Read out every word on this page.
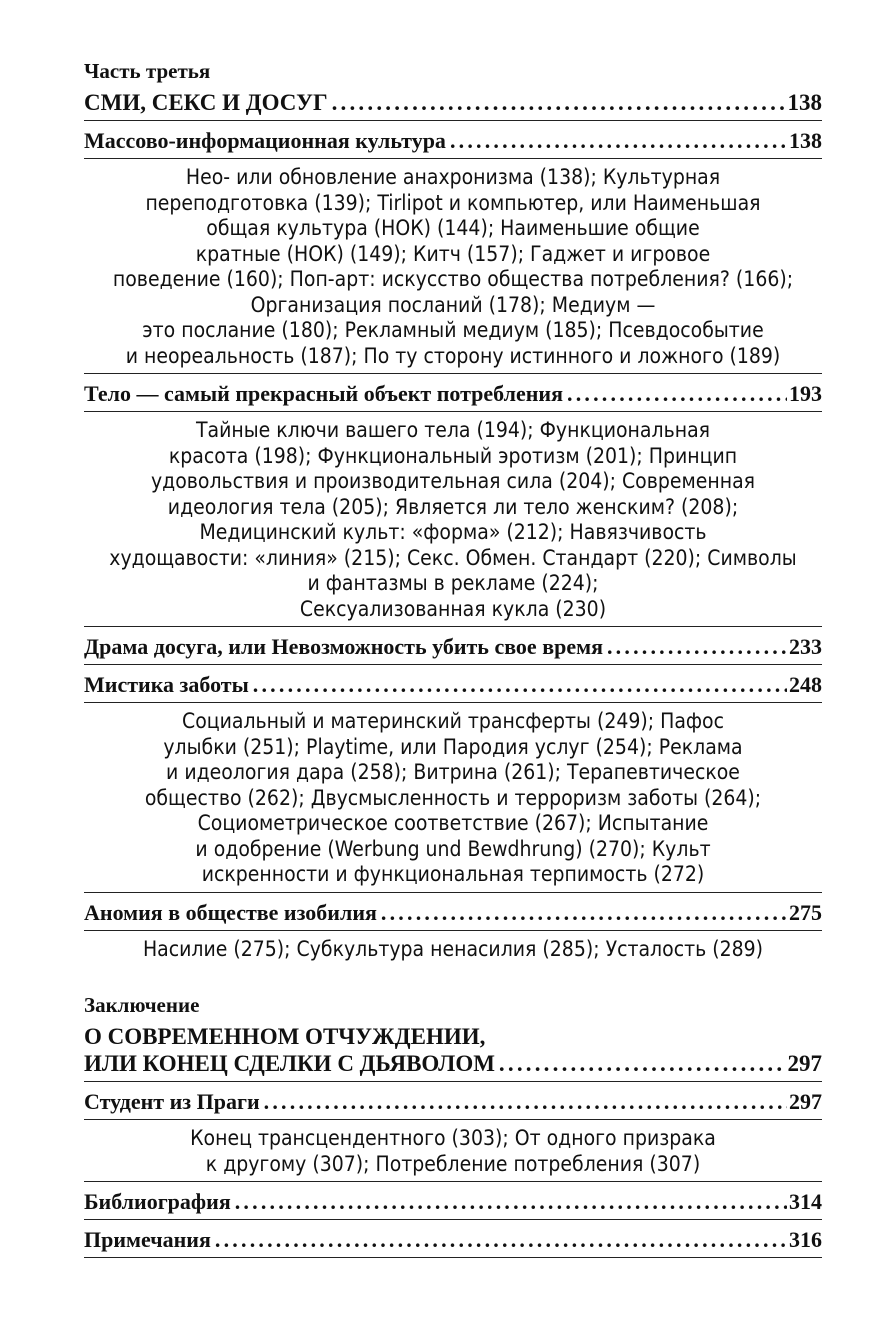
Часть третья
СМИ, СЕКС И ДОСУГ .....	138
Массово-информационная культура .....	138
Нео- или обновление анахронизма (138); Культурная
переподготовка (139); Tirlipot и компьютер, или Наименьшая
общая культура (НОК) (144); Наименьшие общие
кратные (НОК) (149); Китч (157); Гаджет и игровое
поведение (160); Поп-арт: искусство общества потребления? (166);
Организация посланий (178); Медиум —
это послание (180); Рекламный медиум (185); Псевдособытие
и неореальность (187); По ту сторону истинного и ложного (189)
Тело — самый прекрасный объект потребления .....	193
Тайные ключи вашего тела (194); Функциональная
красота (198); Функциональный эротизм (201); Принцип
удовольствия и производительная сила (204); Современная
идеология тела (205); Является ли тело женским? (208);
Медицинский культ: «форма» (212); Навязчивость
худощавости: «линия» (215); Секс. Обмен. Стандарт (220); Символы
и фантазмы в рекламе (224);
Сексуализованная кукла (230)
Драма досуга, или Невозможность убить свое время .....	233
Мистика заботы .....	248
Социальный и материнский трансферты (249); Пафос
улыбки (251); Playtime, или Пародия услуг (254); Реклама
и идеология дара (258); Витрина (261); Терапевтическое
общество (262); Двусмысленность и терроризм заботы (264);
Социометрическое соответствие (267); Испытание
и одобрение (Werbung und Bewdhrung) (270); Культ
искренности и функциональная терпимость (272)
Аномия в обществе изобилия .....	275
Насилие (275); Субкультура ненасилия (285); Усталость (289)
Заключение
О СОВРЕМЕННОМ ОТЧУЖДЕНИИ,
ИЛИ КОНЕЦ СДЕЛКИ С ДЬЯВОЛОМ .....	297
Студент из Праги .....	297
Конец трансцендентного (303); От одного призрака
к другому (307); Потребление потребления (307)
Библиография .....	314
Примечания .....	316
